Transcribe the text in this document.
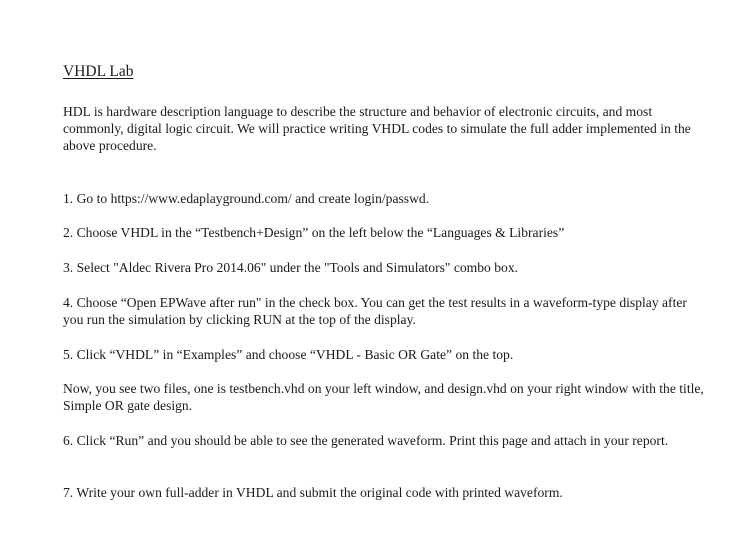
VHDL Lab

HDL is hardware description language to describe the structure and behavior of electronic circuits, and most commonly, digital logic circuit. We will practice writing VHDL codes to simulate the full adder implemented in the above procedure.

1. Go to https://www.edaplayground.com/ and create login/passwd.

2. Choose VHDL in the “Testbench+Design” on the left below the “Languages & Libraries”

3. Select "Aldec Rivera Pro 2014.06" under the "Tools and Simulators" combo box.

4. Choose “Open EPWave after run" in the check box. You can get the test results in a waveform-type display after you run the simulation by clicking RUN at the top of the display.

5. Click “VHDL” in “Examples” and choose “VHDL - Basic OR Gate” on the top.

Now, you see two files, one is testbench.vhd on your left window, and design.vhd on your right window with the title, Simple OR gate design.

6. Click “Run” and you should be able to see the generated waveform. Print this page and attach in your report.

7. Write your own full-adder in VHDL and submit the original code with printed waveform.
